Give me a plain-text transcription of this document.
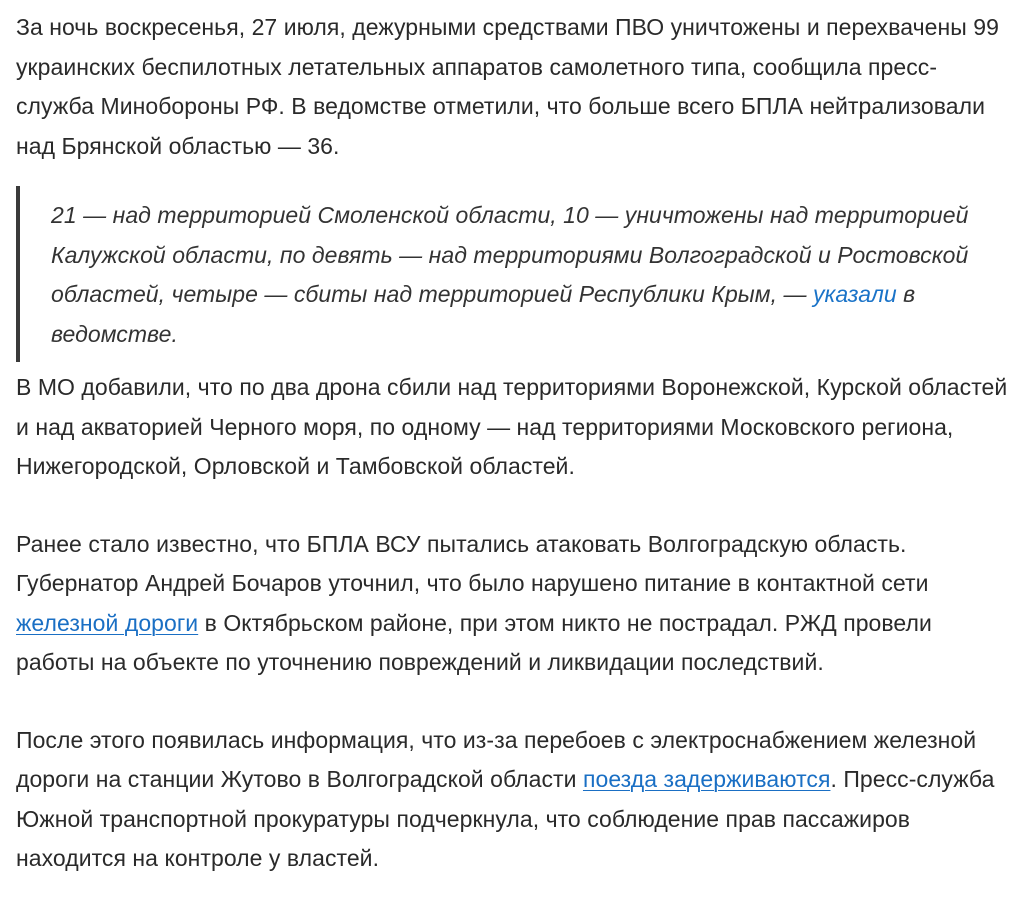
За ночь воскресенья, 27 июля, дежурными средствами ПВО уничтожены и перехвачены 99 украинских беспилотных летательных аппаратов самолетного типа, сообщила пресс-служба Минобороны РФ. В ведомстве отметили, что больше всего БПЛА нейтрализовали над Брянской областью — 36.

21 — над территорией Смоленской области, 10 — уничтожены над территорией Калужской области, по девять — над территориями Волгоградской и Ростовской областей, четыре — сбиты над территорией Республики Крым, — указали в ведомстве.

В МО добавили, что по два дрона сбили над территориями Воронежской, Курской областей и над акваторией Черного моря, по одному — над территориями Московского региона, Нижегородской, Орловской и Тамбовской областей.

Ранее стало известно, что БПЛА ВСУ пытались атаковать Волгоградскую область. Губернатор Андрей Бочаров уточнил, что было нарушено питание в контактной сети железной дороги в Октябрьском районе, при этом никто не пострадал. РЖД провели работы на объекте по уточнению повреждений и ликвидации последствий.

После этого появилась информация, что из-за перебоев с электроснабжением железной дороги на станции Жутово в Волгоградской области поезда задерживаются. Пресс-служба Южной транспортной прокуратуры подчеркнула, что соблюдение прав пассажиров находится на контроле у властей.
